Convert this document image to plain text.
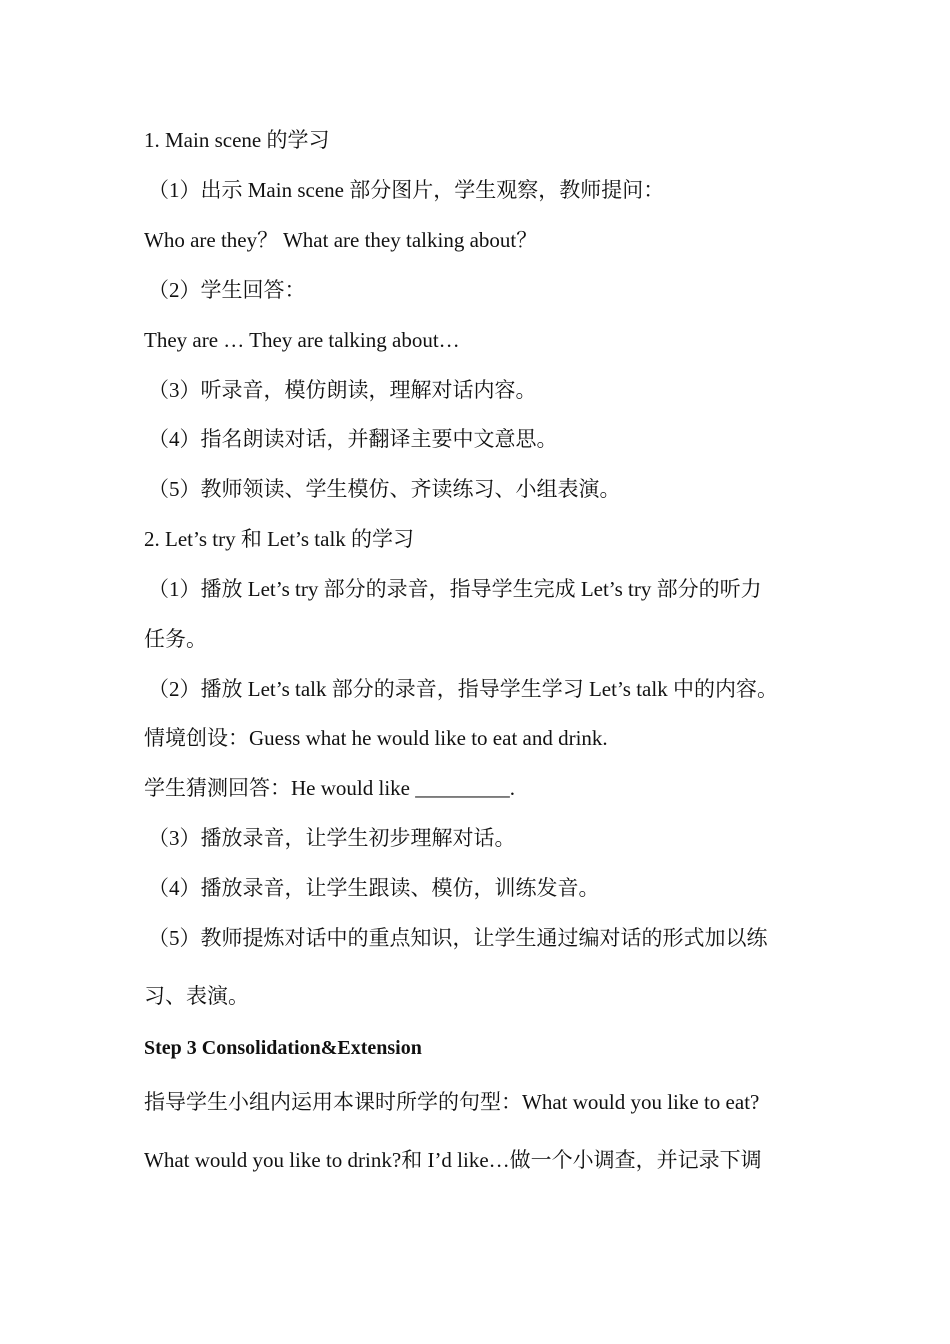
1. Main scene 的学习
（1）出示 Main scene 部分图片，学生观察，教师提问：
Who are they？ What are they talking about？
（2）学生回答：
They are … They are talking about…
（3）听录音，模仿朗读，理解对话内容。
（4）指名朗读对话，并翻译主要中文意思。
（5）教师领读、学生模仿、齐读练习、小组表演。
2. Let’s try 和 Let’s talk 的学习
（1）播放 Let’s try 部分的录音，指导学生完成 Let’s try 部分的听力
任务。
（2）播放 Let’s talk 部分的录音，指导学生学习 Let’s talk 中的内容。
情境创设：Guess what he would like to eat and drink.
学生猜测回答：He would like _________.
（3）播放录音，让学生初步理解对话。
（4）播放录音，让学生跟读、模仿，训练发音。
（5）教师提炼对话中的重点知识，让学生通过编对话的形式加以练
习、表演。
Step 3 Consolidation&Extension
指导学生小组内运用本课时所学的句型：What would you like to eat?
What would you like to drink?和 I’d like…做一个小调查，并记录下调
